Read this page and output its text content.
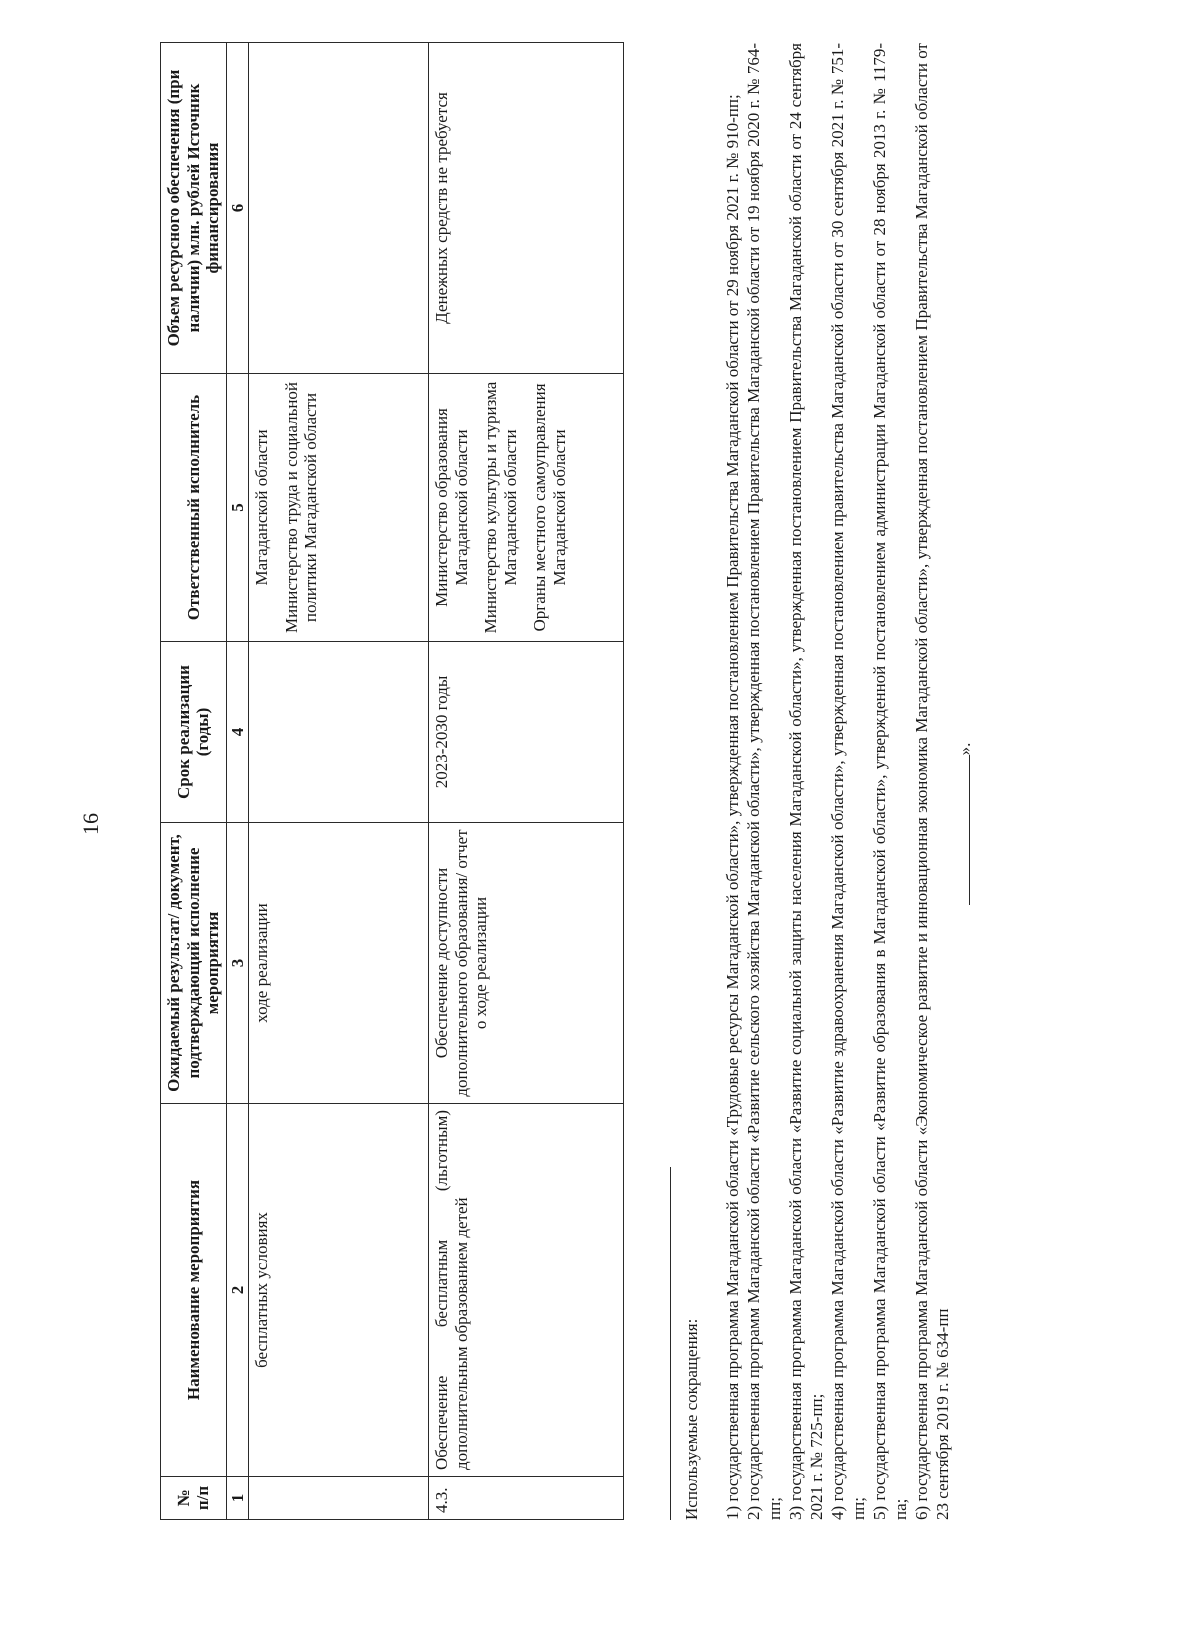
16
№ п/п	Наименование мероприятия	Ожидаемый результат/ документ, подтверждающий исполнение мероприятия	Срок реализации (годы)	Ответственный исполнитель	Объем ресурсного обеспечения (при наличии) млн. рублей Источник финансирования
1	2	3	4	5	6
	бесплатных условиях	ходе реализации		Магаданской области Министерство труда и социальной политики Магаданской области	

4.3.	Обеспечение бесплатным (льготным) дополнительным образованием детей	Обеспечение доступности дополнительного образования/ отчет о ходе реализации	2023-2030 годы	Министерство образования Магаданской области Министерство культуры и туризма Магаданской области Органы местного самоуправления Магаданской области	Денежных средств не требуется
Используемые сокращения: 1) государственная программа Магаданской области «Трудовые ресурсы Магаданской области», утвержденная постановлением Правительства Магаданской области от 29 ноября 2021 г. № 910-пп; 2) государственная программ Магаданской области «Развитие сельского хозяйства Магаданской области», утвержденная постановлением Правительства Магаданской области от 19 ноября 2020 г. № 764-пп; 3) государственная программа Магаданской области «Развитие социальной защиты населения Магаданской области», утвержденная постановлением Правительства Магаданской области от 24 сентября 2021 г. № 725-пп; 4) государственная программа Магаданской области «Развитие здравоохранения Магаданской области», утвержденная постановлением правительства Магаданской области от 30 сентября 2021 г. № 751-пп; 5) государственная программа Магаданской области «Развитие образования в Магаданской области», утвержденной постановлением администрации Магаданской области от 28 ноября 2013 г. № 1179-па; 6) государственная программа Магаданской области «Экономическое развитие и инновационная экономика Магаданской области», утвержденная постановлением Правительства Магаданской области от 23 сентября 2019 г. № 634-пп

».
